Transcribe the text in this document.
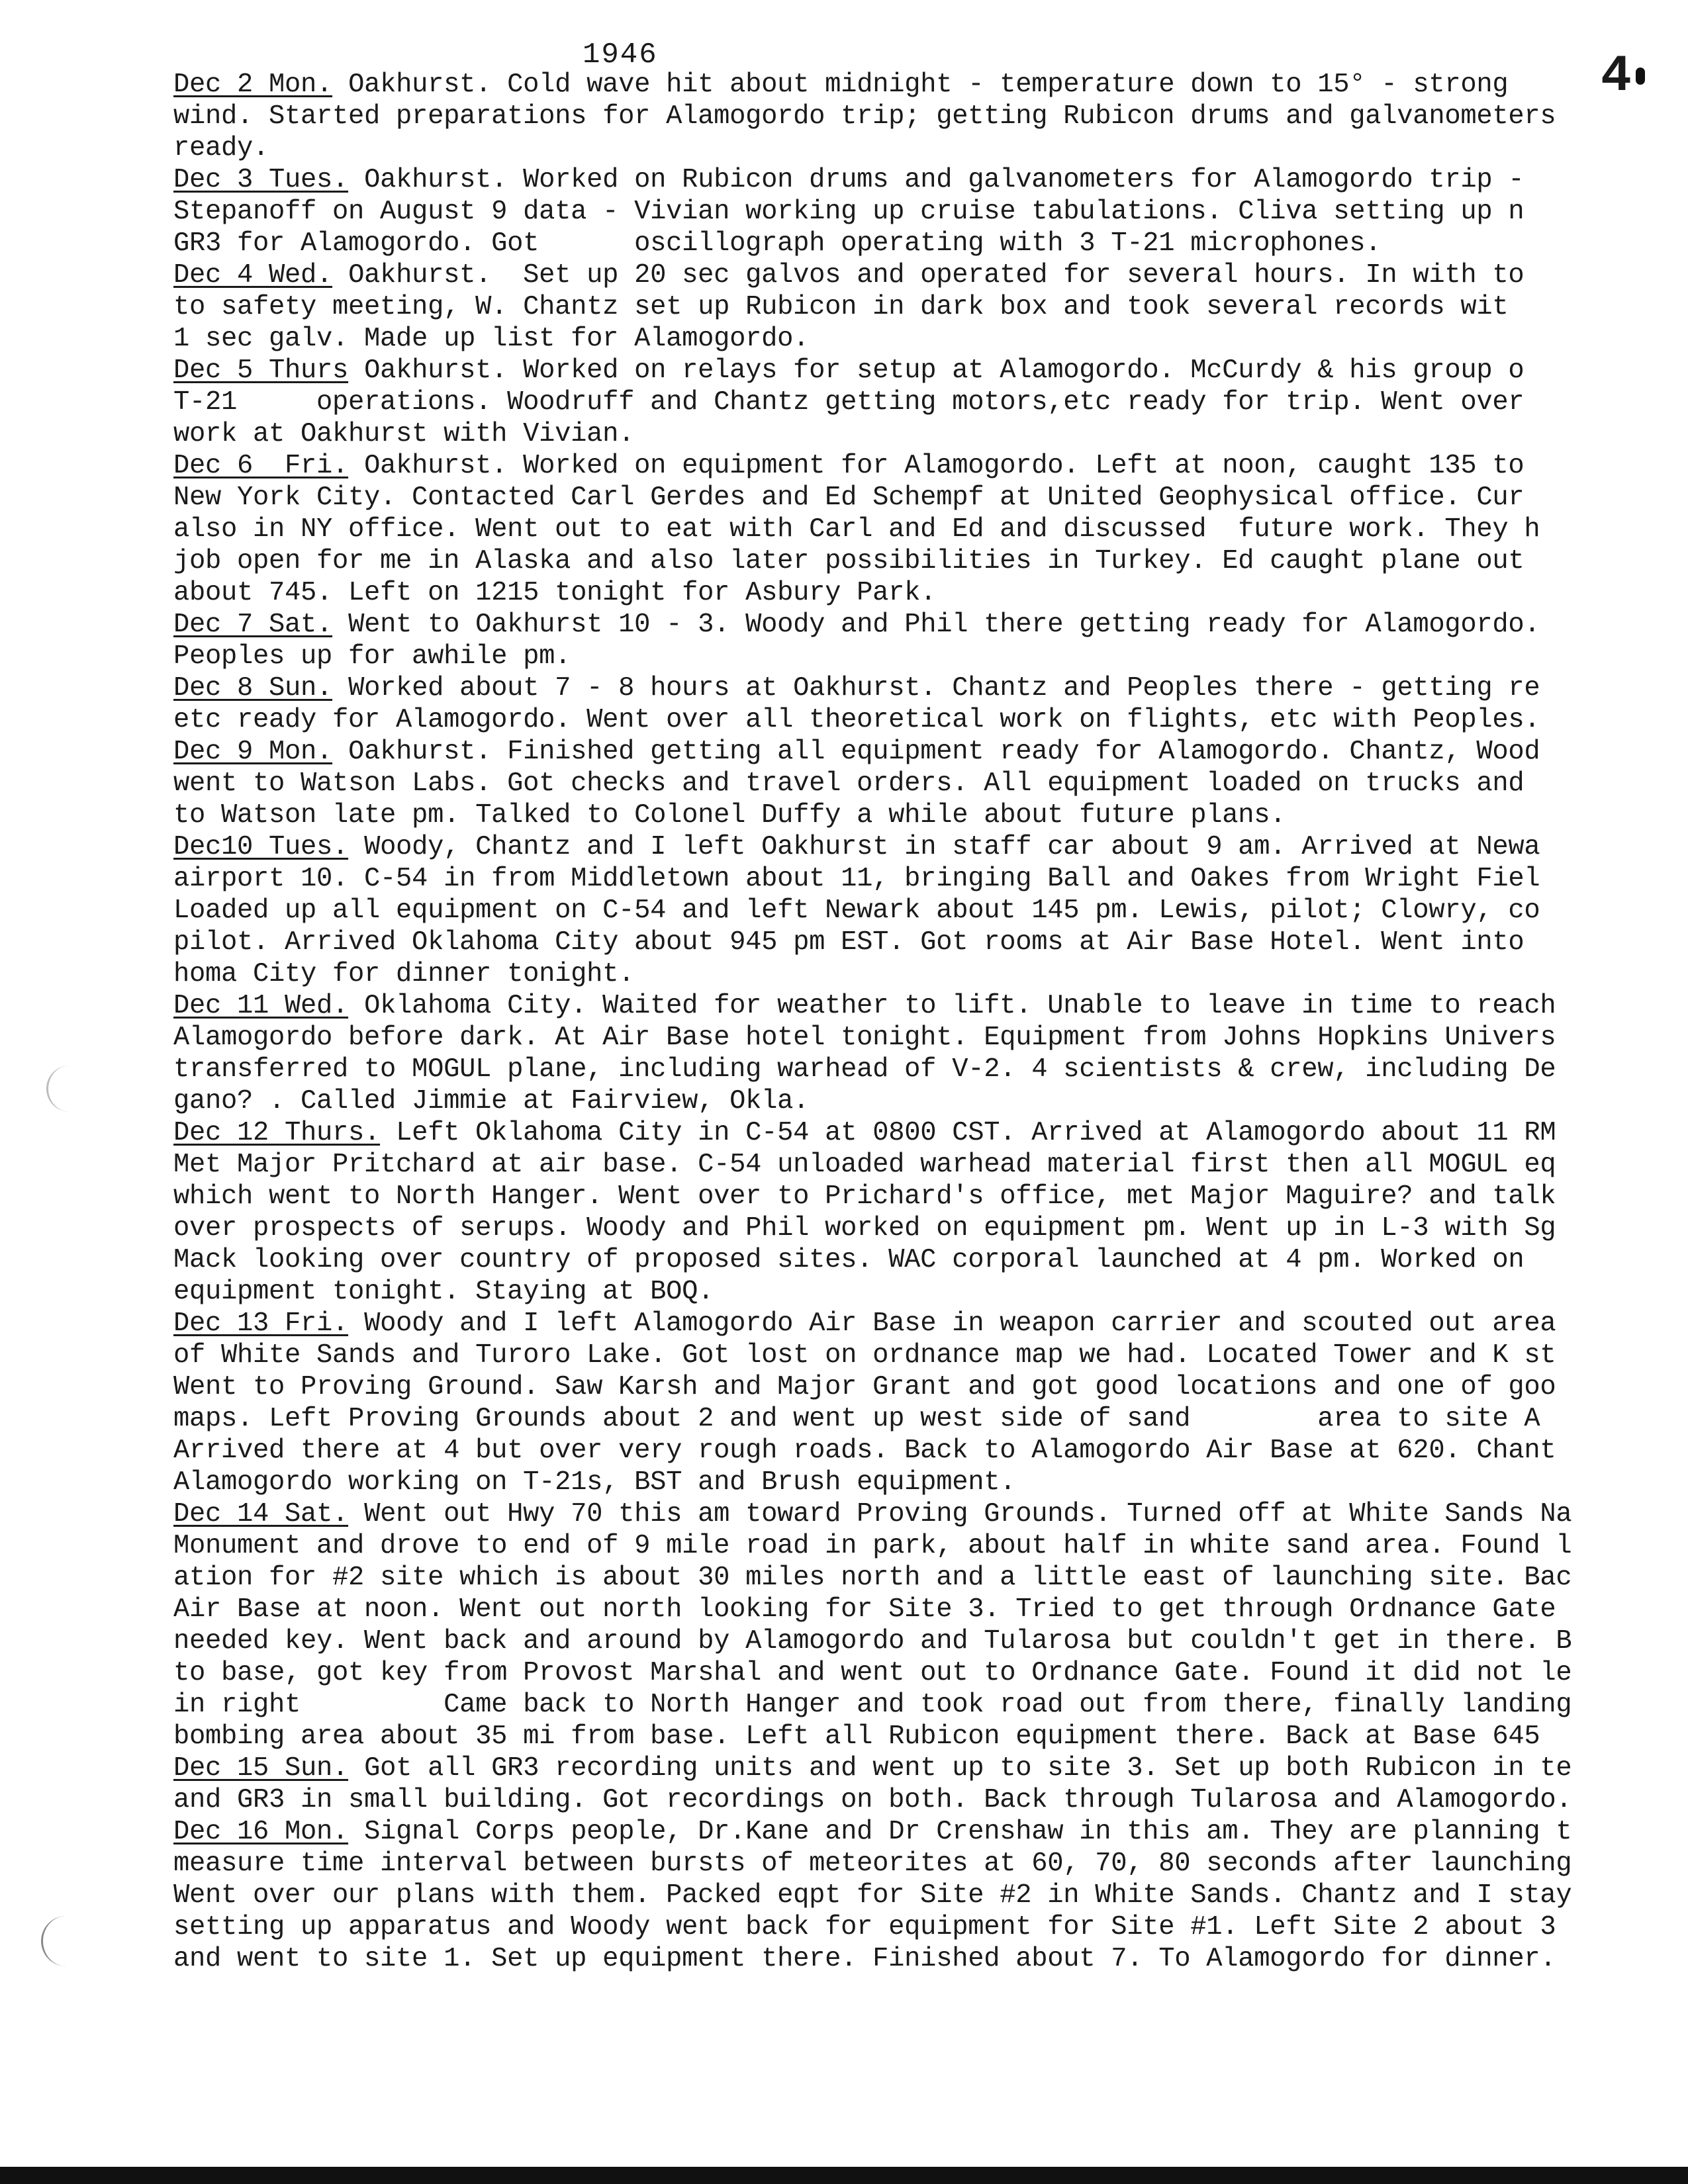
1946	4
Dec 2 Mon. Oakhurst. Cold wave hit about midnight - temperature down to 15° - strong
wind. Started preparations for Alamogordo trip; getting Rubicon drums and galvanometers
ready.
Dec 3 Tues. Oakhurst. Worked on Rubicon drums and galvanometers for Alamogordo trip -
Stepanoff on August 9 data - Vivian working up cruise tabulations. Cliva setting up n
GR3 for Alamogordo. Got      oscillograph operating with 3 T-21 microphones.
Dec 4 Wed. Oakhurst.  Set up 20 sec galvos and operated for several hours. In with to
to safety meeting, W. Chantz set up Rubicon in dark box and took several records wit
1 sec galv. Made up list for Alamogordo.
Dec 5 Thurs Oakhurst. Worked on relays for setup at Alamogordo. McCurdy & his group o
T-21     operations. Woodruff and Chantz getting motors,etc ready for trip. Went over
work at Oakhurst with Vivian.
Dec 6  Fri. Oakhurst. Worked on equipment for Alamogordo. Left at noon, caught 135 to
New York City. Contacted Carl Gerdes and Ed Schempf at United Geophysical office. Cur
also in NY office. Went out to eat with Carl and Ed and discussed  future work. They h
job open for me in Alaska and also later possibilities in Turkey. Ed caught plane out
about 745. Left on 1215 tonight for Asbury Park.
Dec 7 Sat. Went to Oakhurst 10 - 3. Woody and Phil there getting ready for Alamogordo.
Peoples up for awhile pm.
Dec 8 Sun. Worked about 7 - 8 hours at Oakhurst. Chantz and Peoples there - getting re
etc ready for Alamogordo. Went over all theoretical work on flights, etc with Peoples.
Dec 9 Mon. Oakhurst. Finished getting all equipment ready for Alamogordo. Chantz, Wood
went to Watson Labs. Got checks and travel orders. All equipment loaded on trucks and
to Watson late pm. Talked to Colonel Duffy a while about future plans.
Dec10 Tues. Woody, Chantz and I left Oakhurst in staff car about 9 am. Arrived at Newa
airport 10. C-54 in from Middletown about 11, bringing Ball and Oakes from Wright Fiel
Loaded up all equipment on C-54 and left Newark about 145 pm. Lewis, pilot; Clowry, co
pilot. Arrived Oklahoma City about 945 pm EST. Got rooms at Air Base Hotel. Went into
homa City for dinner tonight.
Dec 11 Wed. Oklahoma City. Waited for weather to lift. Unable to leave in time to reach
Alamogordo before dark. At Air Base hotel tonight. Equipment from Johns Hopkins Univers
transferred to MOGUL plane, including warhead of V-2. 4 scientists & crew, including De
gano? . Called Jimmie at Fairview, Okla.
Dec 12 Thurs. Left Oklahoma City in C-54 at 0800 CST. Arrived at Alamogordo about 11 RM
Met Major Pritchard at air base. C-54 unloaded warhead material first then all MOGUL eq
which went to North Hanger. Went over to Prichard's office, met Major Maguire? and talk
over prospects of serups. Woody and Phil worked on equipment pm. Went up in L-3 with Sg
Mack looking over country of proposed sites. WAC corporal launched at 4 pm. Worked on
equipment tonight. Staying at BOQ.
Dec 13 Fri. Woody and I left Alamogordo Air Base in weapon carrier and scouted out area
of White Sands and Turoro Lake. Got lost on ordnance map we had. Located Tower and K st
Went to Proving Ground. Saw Karsh and Major Grant and got good locations and one of goo
maps. Left Proving Grounds about 2 and went up west side of sand        area to site A
Arrived there at 4 but over very rough roads. Back to Alamogordo Air Base at 620. Chant
Alamogordo working on T-21s, BST and Brush equipment.
Dec 14 Sat. Went out Hwy 70 this am toward Proving Grounds. Turned off at White Sands Na
Monument and drove to end of 9 mile road in park, about half in white sand area. Found l
ation for #2 site which is about 30 miles north and a little east of launching site. Bac
Air Base at noon. Went out north looking for Site 3. Tried to get through Ordnance Gate
needed key. Went back and around by Alamogordo and Tularosa but couldn't get in there. B
to base, got key from Provost Marshal and went out to Ordnance Gate. Found it did not le
in right         Came back to North Hanger and took road out from there, finally landing
bombing area about 35 mi from base. Left all Rubicon equipment there. Back at Base 645
Dec 15 Sun. Got all GR3 recording units and went up to site 3. Set up both Rubicon in te
and GR3 in small building. Got recordings on both. Back through Tularosa and Alamogordo.
Dec 16 Mon. Signal Corps people, Dr.Kane and Dr Crenshaw in this am. They are planning t
measure time interval between bursts of meteorites at 60, 70, 80 seconds after launching
Went over our plans with them. Packed eqpt for Site #2 in White Sands. Chantz and I stay
setting up apparatus and Woody went back for equipment for Site #1. Left Site 2 about 3
and went to site 1. Set up equipment there. Finished about 7. To Alamogordo for dinner.
